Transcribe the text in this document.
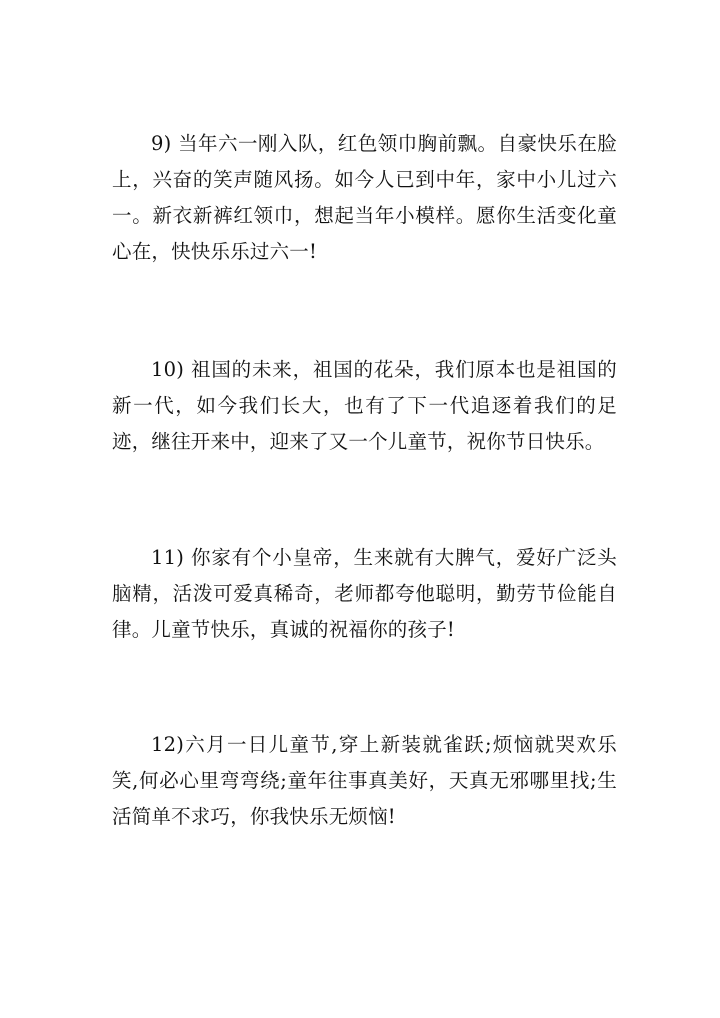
9) 当年六一刚入队，红色领巾胸前飘。自豪快乐在脸上，兴奋的笑声随风扬。如今人已到中年，家中小儿过六一。新衣新裤红领巾，想起当年小模样。愿你生活变化童心在，快快乐乐过六一!

10) 祖国的未来，祖国的花朵，我们原本也是祖国的新一代，如今我们长大，也有了下一代追逐着我们的足迹，继往开来中，迎来了又一个儿童节，祝你节日快乐。

11) 你家有个小皇帝，生来就有大脾气，爱好广泛头脑精，活泼可爱真稀奇，老师都夸他聪明，勤劳节俭能自律。儿童节快乐，真诚的祝福你的孩子!

12)六月一日儿童节,穿上新装就雀跃;烦恼就哭欢乐笑,何必心里弯弯绕;童年往事真美好，天真无邪哪里找;生活简单不求巧，你我快乐无烦恼!
